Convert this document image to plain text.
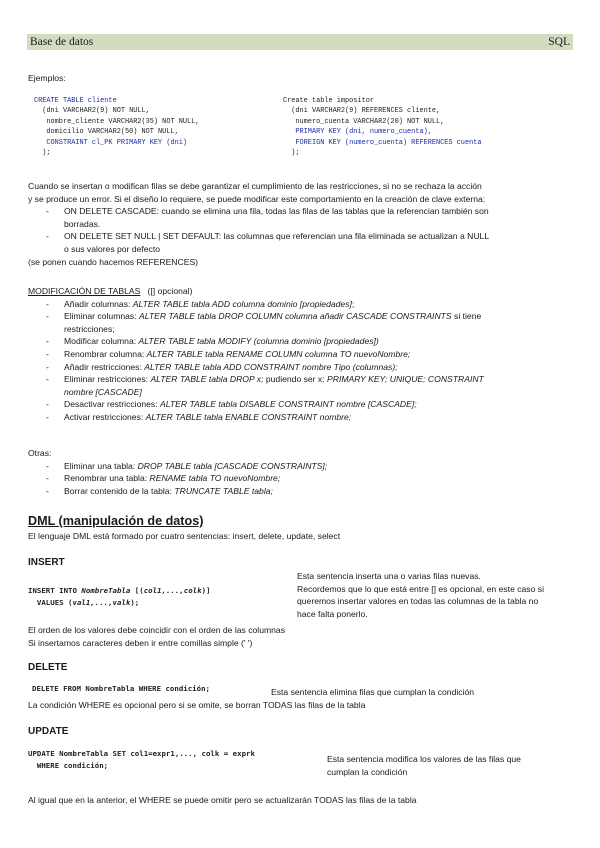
Base de datos	SQL
Ejemplos:
CREATE TABLE cliente
(dni VARCHAR2(9) NOT NULL,
nombre_cliente VARCHAR2(35) NOT NULL,
domicilio VARCHAR2(50) NOT NULL,
CONSTRAINT cl_PK PRIMARY KEY (dni)
);
Create table impositor
(dni VARCHAR2(9) REFERENCES cliente,
numero_cuenta VARCHAR2(20) NOT NULL,
PRIMARY KEY (dni, numero_cuenta),
FOREIGN KEY (numero_cuenta) REFERENCES cuenta
);
Cuando se insertan o modifican filas se debe garantizar el cumplimiento de las restricciones, si no se rechaza la acción
y se produce un error. Si el diseño lo requiere, se puede modificar este comportamiento en la creación de clave externa:
- ON DELETE CASCADE: cuando se elimina una fila, todas las filas de las tablas que la referencian también son
borradas.
- ON DELETE SET NULL | SET DEFAULT: las columnas que referencian una fila eliminada se actualizan a NULL
o sus valores por defecto
(se ponen cuando hacemos REFERENCES)
MODIFICACIÓN DE TABLAS ([] opcional)
- Añadir columnas: ALTER TABLE tabla ADD columna dominio [propiedades];
- Eliminar columnas: ALTER TABLE tabla DROP COLUMN columna añadir CASCADE CONSTRAINTS si tiene
restricciones;
- Modificar columna: ALTER TABLE tabla MODIFY (columna dominio [propiedades])
- Renombrar columna: ALTER TABLE tabla RENAME COLUMN columna TO nuevoNombre;
- Añadir restricciones: ALTER TABLE tabla ADD CONSTRAINT nombre Tipo (columnas);
- Eliminar restricciones: ALTER TABLE tabla DROP x; pudiendo ser x: PRIMARY KEY; UNIQUE; CONSTRAINT
nombre [CASCADE]
- Desactivar restricciones: ALTER TABLE tabla DISABLE CONSTRAINT nombre [CASCADE];
- Activar restricciones: ALTER TABLE tabla ENABLE CONSTRAINT nombre;
Otras:
- Eliminar una tabla: DROP TABLE tabla [CASCADE CONSTRAINTS];
- Renombrar una tabla: RENAME tabla TO nuevoNombre;
- Borrar contenido de la tabla: TRUNCATE TABLE tabla;
DML (manipulación de datos)
El lenguaje DML está formado por cuatro sentencias: insert, delete, update, select
INSERT
INSERT INTO NombreTabla [(col1,...,colk)]
VALUES (val1,...,valk);
Esta sentencia inserta una o varias filas nuevas.
Recordemos que lo que está entre [] es opcional, en este caso si
queremos insertar valores en todas las columnas de la tabla no
hace falta ponerlo.
El orden de los valores debe coincidir con el orden de las columnas
Si insertamos caracteres deben ir entre comillas simple (' ')
DELETE
DELETE FROM NombreTabla WHERE condición;	Esta sentencia elimina filas que cumplan la condición
La condición WHERE es opcional pero si se omite, se borran TODAS las filas de la tabla
UPDATE
UPDATE NombreTabla SET col1=expr1,..., colk = exprk
WHERE condición;
Esta sentencia modifica los valores de las filas que
cumplan la condición
Al igual que en la anterior, el WHERE se puede omitir pero se actualizarán TODAS las filas de la tabla
